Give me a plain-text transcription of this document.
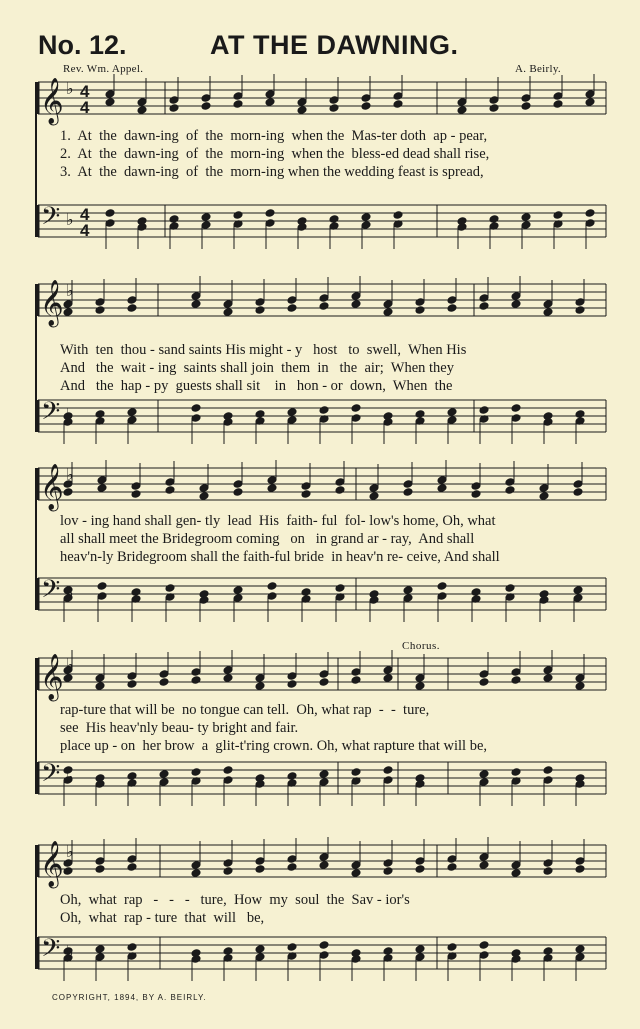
No. 12.	AT THE DAWNING.
Rev. Wm. Appel.	A. Beirly.
𝄞 ♭ 4
4
𝄢 ♭ 4
4
𝄞 ♭
𝄢 ♭
𝄞 ♭
𝄢 ♭
𝄞 ♭
𝄢 ♭
𝄞 ♭
𝄢 ♭
1.  At  the  dawn-ing  of  the  morn-ing  when the  Mas-ter doth  ap - pear,
2.  At  the  dawn-ing  of  the  morn-ing  when the  bless-ed dead shall rise,
3.  At  the  dawn-ing  of  the  morn-ing when the wedding feast is spread,
With  ten  thou - sand saints His might - y   host   to  swell,  When His
And   the  wait - ing  saints shall join  them  in   the  air;  When they
And   the  hap - py  guests shall sit    in   hon - or  down,  When  the
lov - ing hand shall gen- tly  lead  His  faith- ful  fol- low's home, Oh, what
all shall meet the Bridegroom coming   on   in grand ar - ray,  And shall
heav'n-ly Bridegroom shall the faith-ful bride  in heav'n re- ceive, And shall
rap-ture that will be  no tongue can tell.  Oh, what rap  -  -  ture,
see  His heav'nly beau- ty bright and fair.
place up - on  her brow  a  glit-t'ring crown. Oh, what rapture that will be,
Oh,  what  rap   -   -   -   ture,  How  my  soul  the  Sav - ior's
Oh,  what  rap - ture  that  will   be,
Chorus.
COPYRIGHT, 1894, BY A. BEIRLY.
